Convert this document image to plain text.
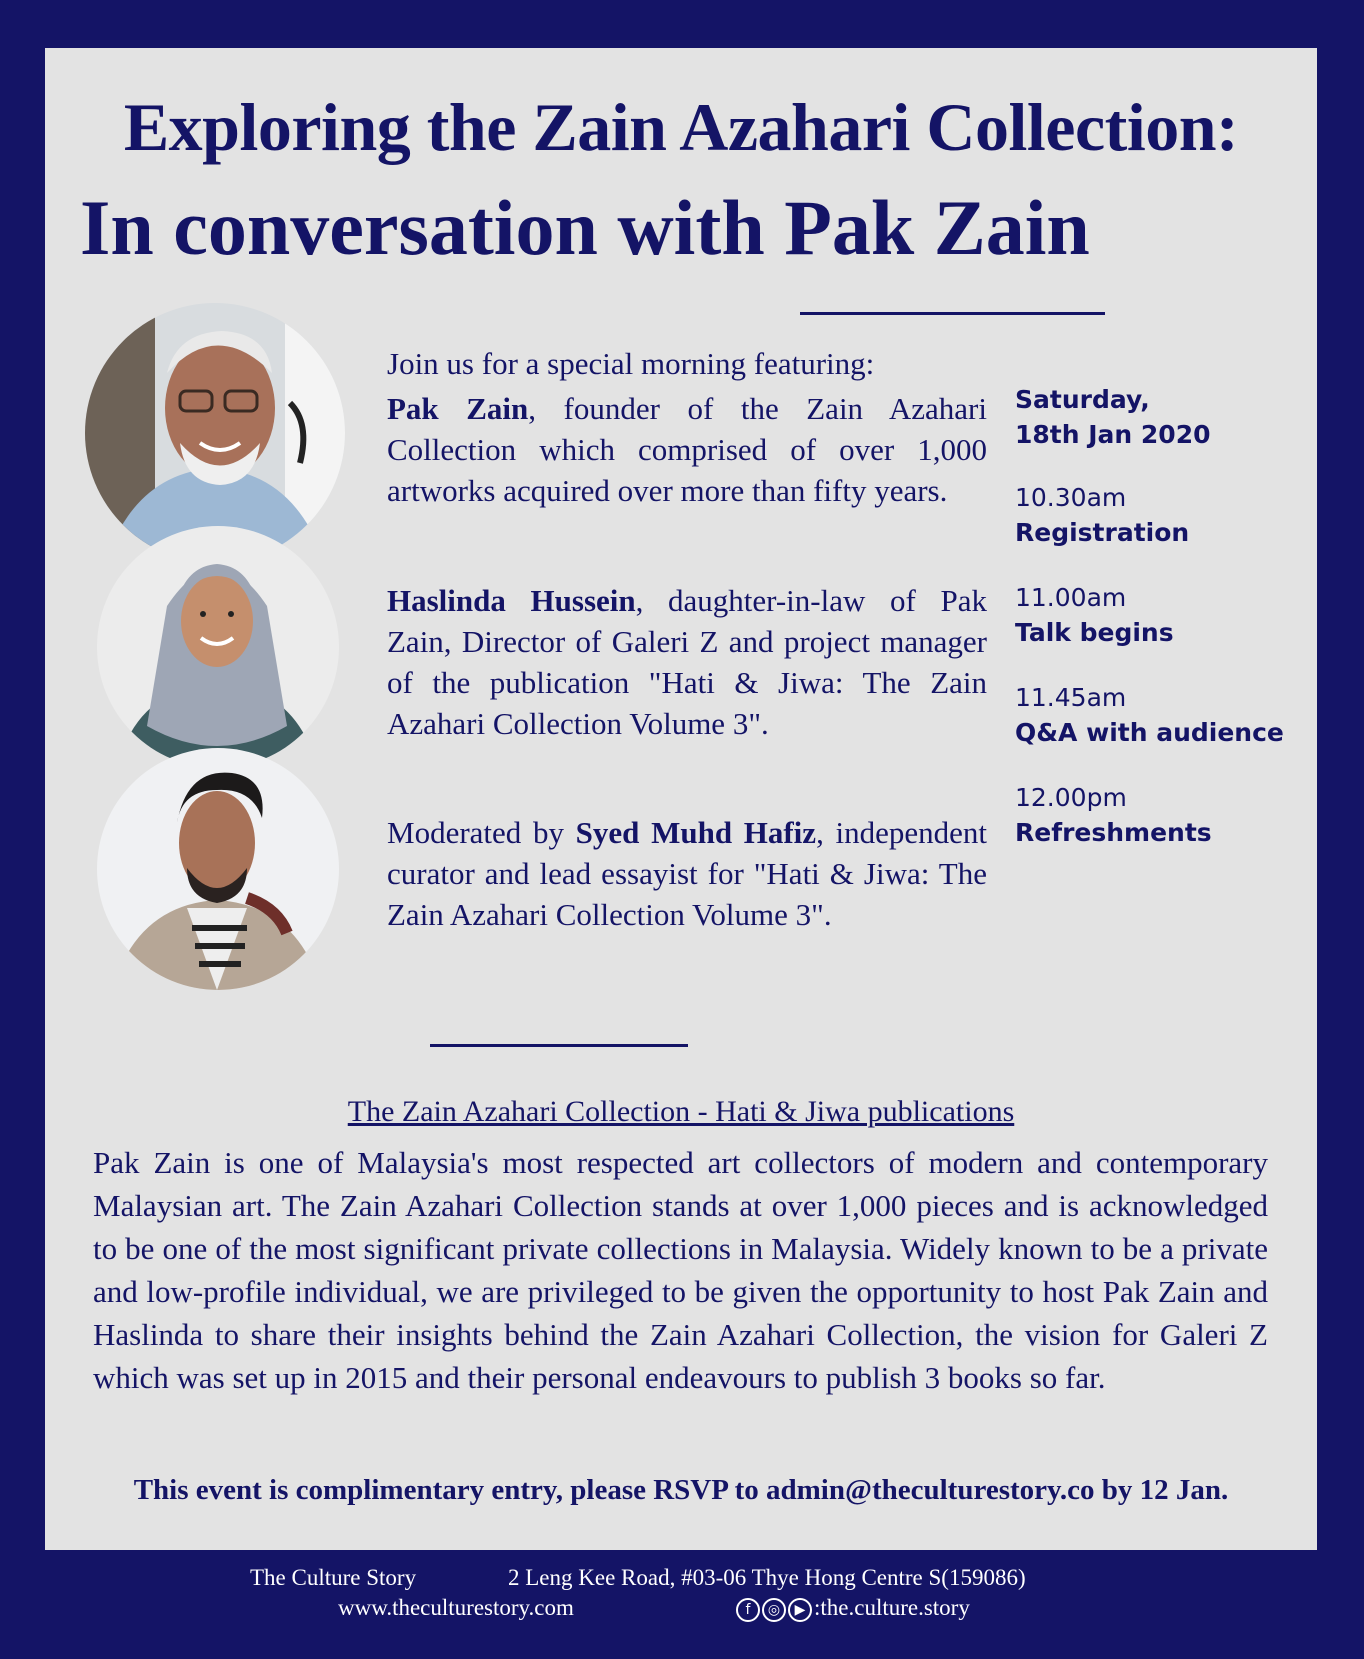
Exploring the Zain Azahari Collection:
In conversation with Pak Zain
Join us for a special morning featuring:
Pak Zain, founder of the Zain Azahari Collection which comprised of over 1,000 artworks acquired over more than fifty years.
Haslinda Hussein, daughter-in-law of Pak Zain, Director of Galeri Z and project manager of the publication "Hati & Jiwa: The Zain Azahari Collection Volume 3".
Moderated by Syed Muhd Hafiz, independent curator and lead essayist for "Hati & Jiwa: The Zain Azahari Collection Volume 3".
Saturday,
18th Jan 2020
10.30am
Registration
11.00am
Talk begins
11.45am
Q&A with audience
12.00pm
Refreshments
The Zain Azahari Collection - Hati & Jiwa publications
Pak Zain is one of Malaysia's most respected art collectors of modern and contemporary Malaysian art. The Zain Azahari Collection stands at over 1,000 pieces and is acknowledged to be one of the most significant private collections in Malaysia. Widely known to be a private and low-profile individual, we are privileged to be given the opportunity to host Pak Zain and Haslinda to share their insights behind the Zain Azahari Collection, the vision for Galeri Z which was set up in 2015 and their personal endeavours to publish 3 books so far.
This event is complimentary entry, please RSVP to admin@theculturestory.co by 12 Jan.
The Culture Story	2 Leng Kee Road, #03-06 Thye Hong Centre S(159086)
www.theculturestory.com	f ◎ ▶ :the.culture.story
